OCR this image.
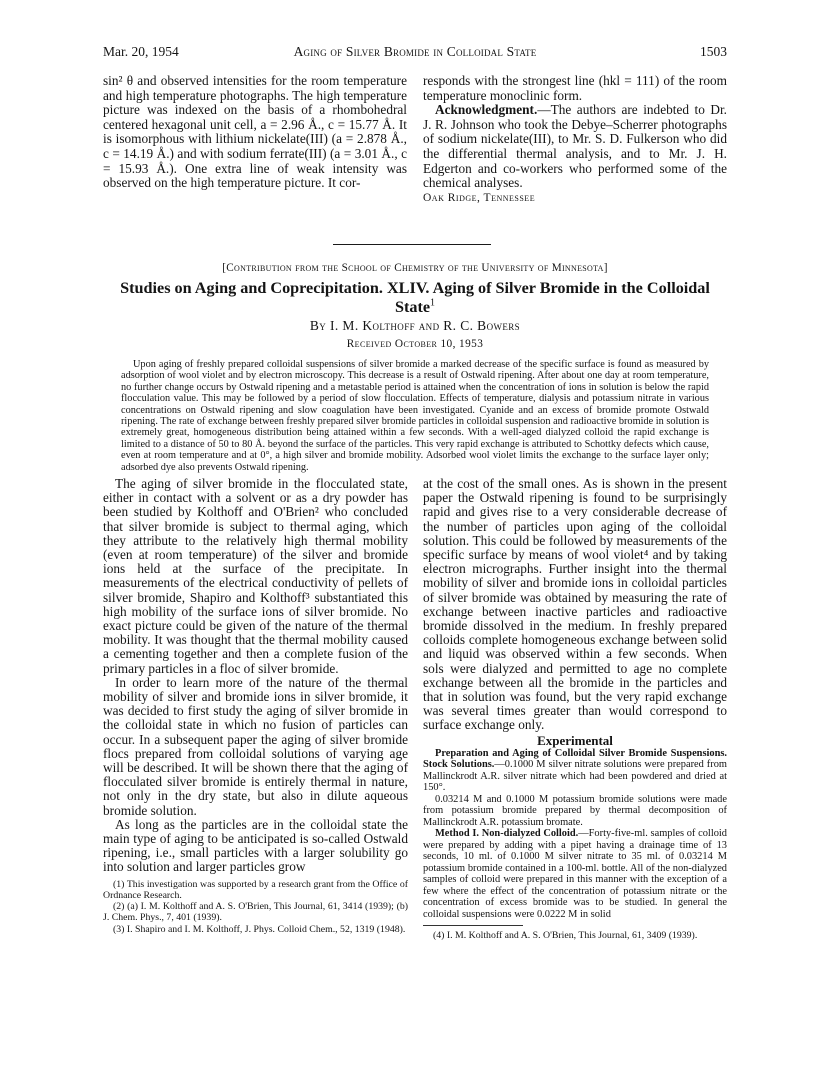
Mar. 20, 1954	Aging of Silver Bromide in Colloidal State	1503

sin² θ and observed intensities for the room temperature and high temperature photographs. The high temperature picture was indexed on the basis of a rhombohedral centered hexagonal unit cell, a = 2.96 Å., c = 15.77 Å. It is isomorphous with lithium nickelate(III) (a = 2.878 Å., c = 14.19 Å.) and with sodium ferrate(III) (a = 3.01 Å., c = 15.93 Å.). One extra line of weak intensity was observed on the high temperature picture. It cor-

responds with the strongest line (hkl = 111) of the room temperature monoclinic form.

Acknowledgment.—The authors are indebted to Dr. J. R. Johnson who took the Debye–Scherrer photographs of sodium nickelate(III), to Mr. S. D. Fulkerson who did the differential thermal analysis, and to Mr. J. H. Edgerton and co-workers who performed some of the chemical analyses.

Oak Ridge, Tennessee

[Contribution from the School of Chemistry of the University of Minnesota]
Studies on Aging and Coprecipitation. XLIV. Aging of Silver Bromide in the Colloidal State$^1$
By I. M. Kolthoff and R. C. Bowers
Received October 10, 1953
Upon aging of freshly prepared colloidal suspensions of silver bromide a marked decrease of the specific surface is found as measured by adsorption of wool violet and by electron microscopy. This decrease is a result of Ostwald ripening. After about one day at room temperature, no further change occurs by Ostwald ripening and a metastable period is attained when the concentration of ions in solution is below the rapid flocculation value. This may be followed by a period of slow flocculation. Effects of temperature, dialysis and potassium nitrate in various concentrations on Ostwald ripening and slow coagulation have been investigated. Cyanide and an excess of bromide promote Ostwald ripening. The rate of exchange between freshly prepared silver bromide particles in colloidal suspension and radioactive bromide in solution is extremely great, homogeneous distribution being attained within a few seconds. With a well-aged dialyzed colloid the rapid exchange is limited to a distance of 50 to 80 Å. beyond the surface of the particles. This very rapid exchange is attributed to Schottky defects which cause, even at room temperature and at 0°, a high silver and bromide mobility. Adsorbed wool violet limits the exchange to the surface layer only; adsorbed dye also prevents Ostwald ripening.

The aging of silver bromide in the flocculated state, either in contact with a solvent or as a dry powder has been studied by Kolthoff and O'Brien² who concluded that silver bromide is subject to thermal aging, which they attribute to the relatively high thermal mobility (even at room temperature) of the silver and bromide ions held at the surface of the precipitate. In measurements of the electrical conductivity of pellets of silver bromide, Shapiro and Kolthoff³ substantiated this high mobility of the surface ions of silver bromide. No exact picture could be given of the nature of the thermal mobility. It was thought that the thermal mobility caused a cementing together and then a complete fusion of the primary particles in a floc of silver bromide.

In order to learn more of the nature of the thermal mobility of silver and bromide ions in silver bromide, it was decided to first study the aging of silver bromide in the colloidal state in which no fusion of particles can occur. In a subsequent paper the aging of silver bromide flocs prepared from colloidal solutions of varying age will be described. It will be shown there that the aging of flocculated silver bromide is entirely thermal in nature, not only in the dry state, but also in dilute aqueous bromide solution.

As long as the particles are in the colloidal state the main type of aging to be anticipated is so-called Ostwald ripening, i.e., small particles with a larger solubility go into solution and larger particles grow

(1) This investigation was supported by a research grant from the Office of Ordnance Research.

(2) (a) I. M. Kolthoff and A. S. O'Brien, This Journal, 61, 3414 (1939); (b) J. Chem. Phys., 7, 401 (1939).

(3) I. Shapiro and I. M. Kolthoff, J. Phys. Colloid Chem., 52, 1319 (1948).

at the cost of the small ones. As is shown in the present paper the Ostwald ripening is found to be surprisingly rapid and gives rise to a very considerable decrease of the number of particles upon aging of the colloidal solution. This could be followed by measurements of the specific surface by means of wool violet⁴ and by taking electron micrographs. Further insight into the thermal mobility of silver and bromide ions in colloidal particles of silver bromide was obtained by measuring the rate of exchange between inactive particles and radioactive bromide dissolved in the medium. In freshly prepared colloids complete homogeneous exchange between solid and liquid was observed within a few seconds. When sols were dialyzed and permitted to age no complete exchange between all the bromide in the particles and that in solution was found, but the very rapid exchange was several times greater than would correspond to surface exchange only.

Experimental

Preparation and Aging of Colloidal Silver Bromide Suspensions. Stock Solutions.—0.1000 M silver nitrate solutions were prepared from Mallinckrodt A.R. silver nitrate which had been powdered and dried at 150°.

0.03214 M and 0.1000 M potassium bromide solutions were made from potassium bromide prepared by thermal decomposition of Mallinckrodt A.R. potassium bromate.

Method I. Non-dialyzed Colloid.—Forty-five-ml. samples of colloid were prepared by adding with a pipet having a drainage time of 13 seconds, 10 ml. of 0.1000 M silver nitrate to 35 ml. of 0.03214 M potassium bromide contained in a 100-ml. bottle. All of the non-dialyzed samples of colloid were prepared in this manner with the exception of a few where the effect of the concentration of potassium nitrate or the concentration of excess bromide was to be studied. In general the colloidal suspensions were 0.0222 M in solid

(4) I. M. Kolthoff and A. S. O'Brien, This Journal, 61, 3409 (1939).
